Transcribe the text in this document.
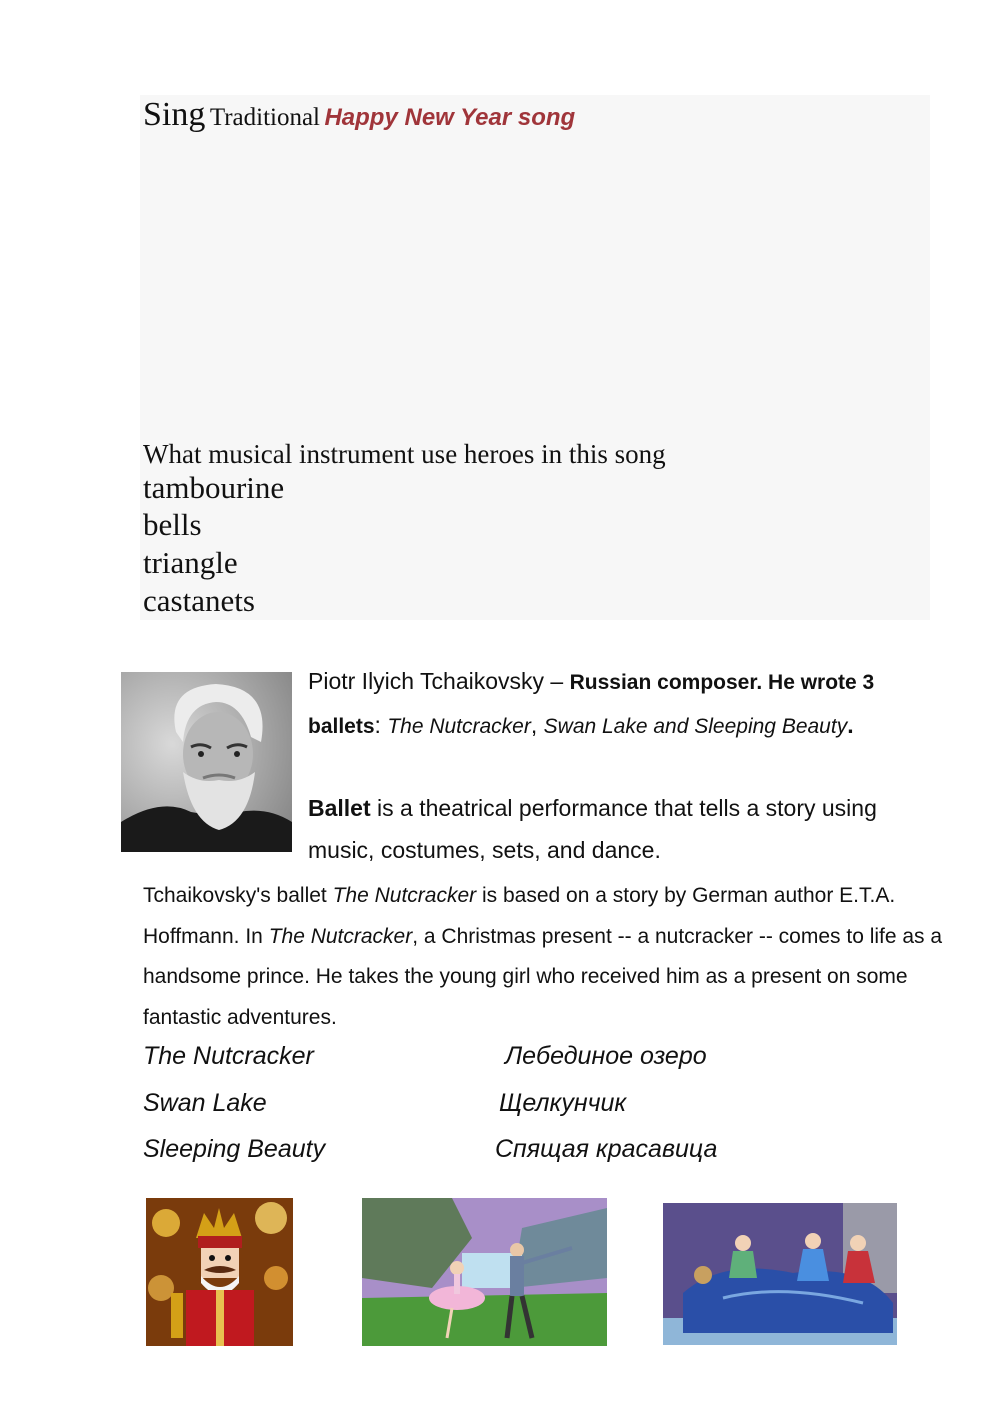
Sing Traditional Happy New Year song
What musical instrument use heroes in this song
tambourine
bells
triangle
castanets
Piotr Ilyich Tchaikovsky – Russian composer. He wrote 3 ballets: The Nutcracker, Swan Lake and Sleeping Beauty.
Ballet is a theatrical performance that tells a story using music, costumes, sets, and dance.
Tchaikovsky's ballet The Nutcracker is based on a story by German author E.T.A. Hoffmann. In The Nutcracker, a Christmas present -- a nutcracker -- comes to life as a handsome prince. He takes the young girl who received him as a present on some fantastic adventures.
The Nutcracker
Swan Lake
Sleeping Beauty
Лебединое озеро
Щелкунчик
Спящая красавица
